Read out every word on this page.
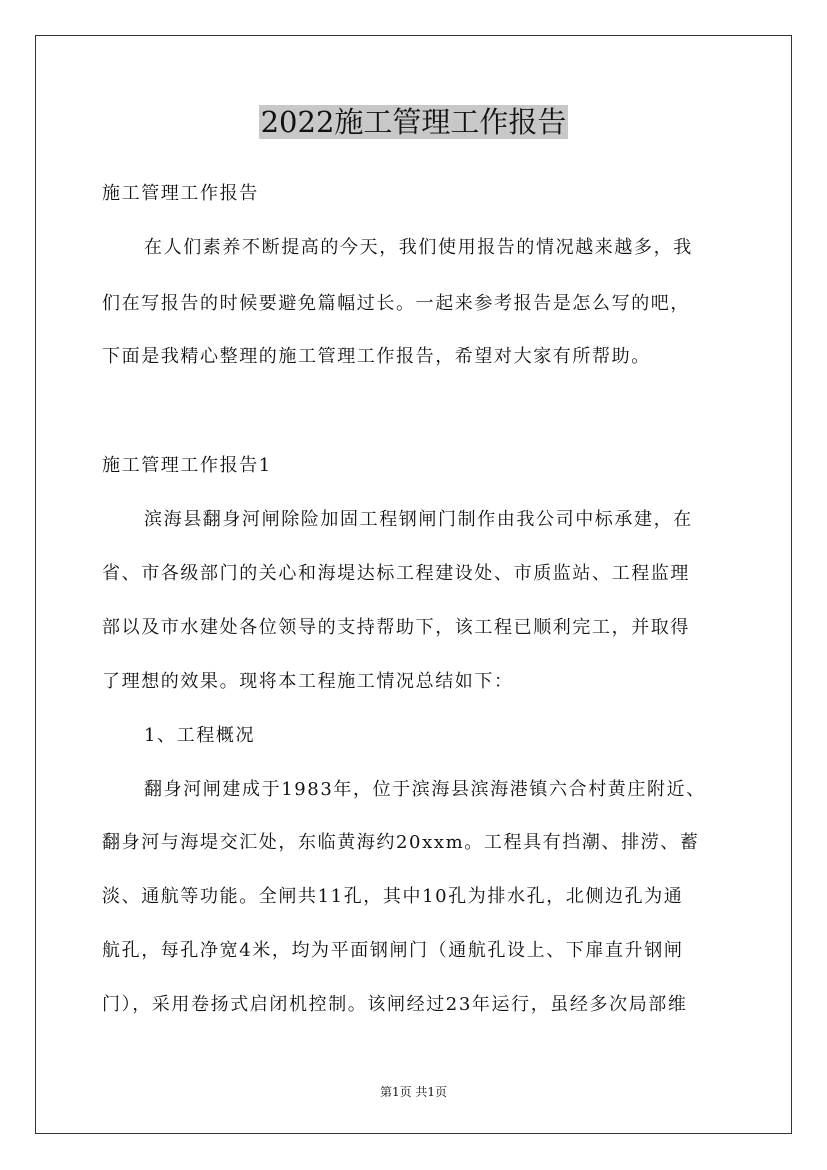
2022施工管理工作报告
施工管理工作报告
在人们素养不断提高的今天，我们使用报告的情况越来越多，我
们在写报告的时候要避免篇幅过长。一起来参考报告是怎么写的吧，
下面是我精心整理的施工管理工作报告，希望对大家有所帮助。
施工管理工作报告1
滨海县翻身河闸除险加固工程钢闸门制作由我公司中标承建，在
省、市各级部门的关心和海堤达标工程建设处、市质监站、工程监理
部以及市水建处各位领导的支持帮助下，该工程已顺利完工，并取得
了理想的效果。现将本工程施工情况总结如下：
1、工程概况
翻身河闸建成于1983年，位于滨海县滨海港镇六合村黄庄附近、
翻身河与海堤交汇处，东临黄海约20xxm。工程具有挡潮、排涝、蓄
淡、通航等功能。全闸共11孔，其中10孔为排水孔，北侧边孔为通
航孔，每孔净宽4米，均为平面钢闸门（通航孔设上、下扉直升钢闸
门），采用卷扬式启闭机控制。该闸经过23年运行，虽经多次局部维
第1页 共1页
